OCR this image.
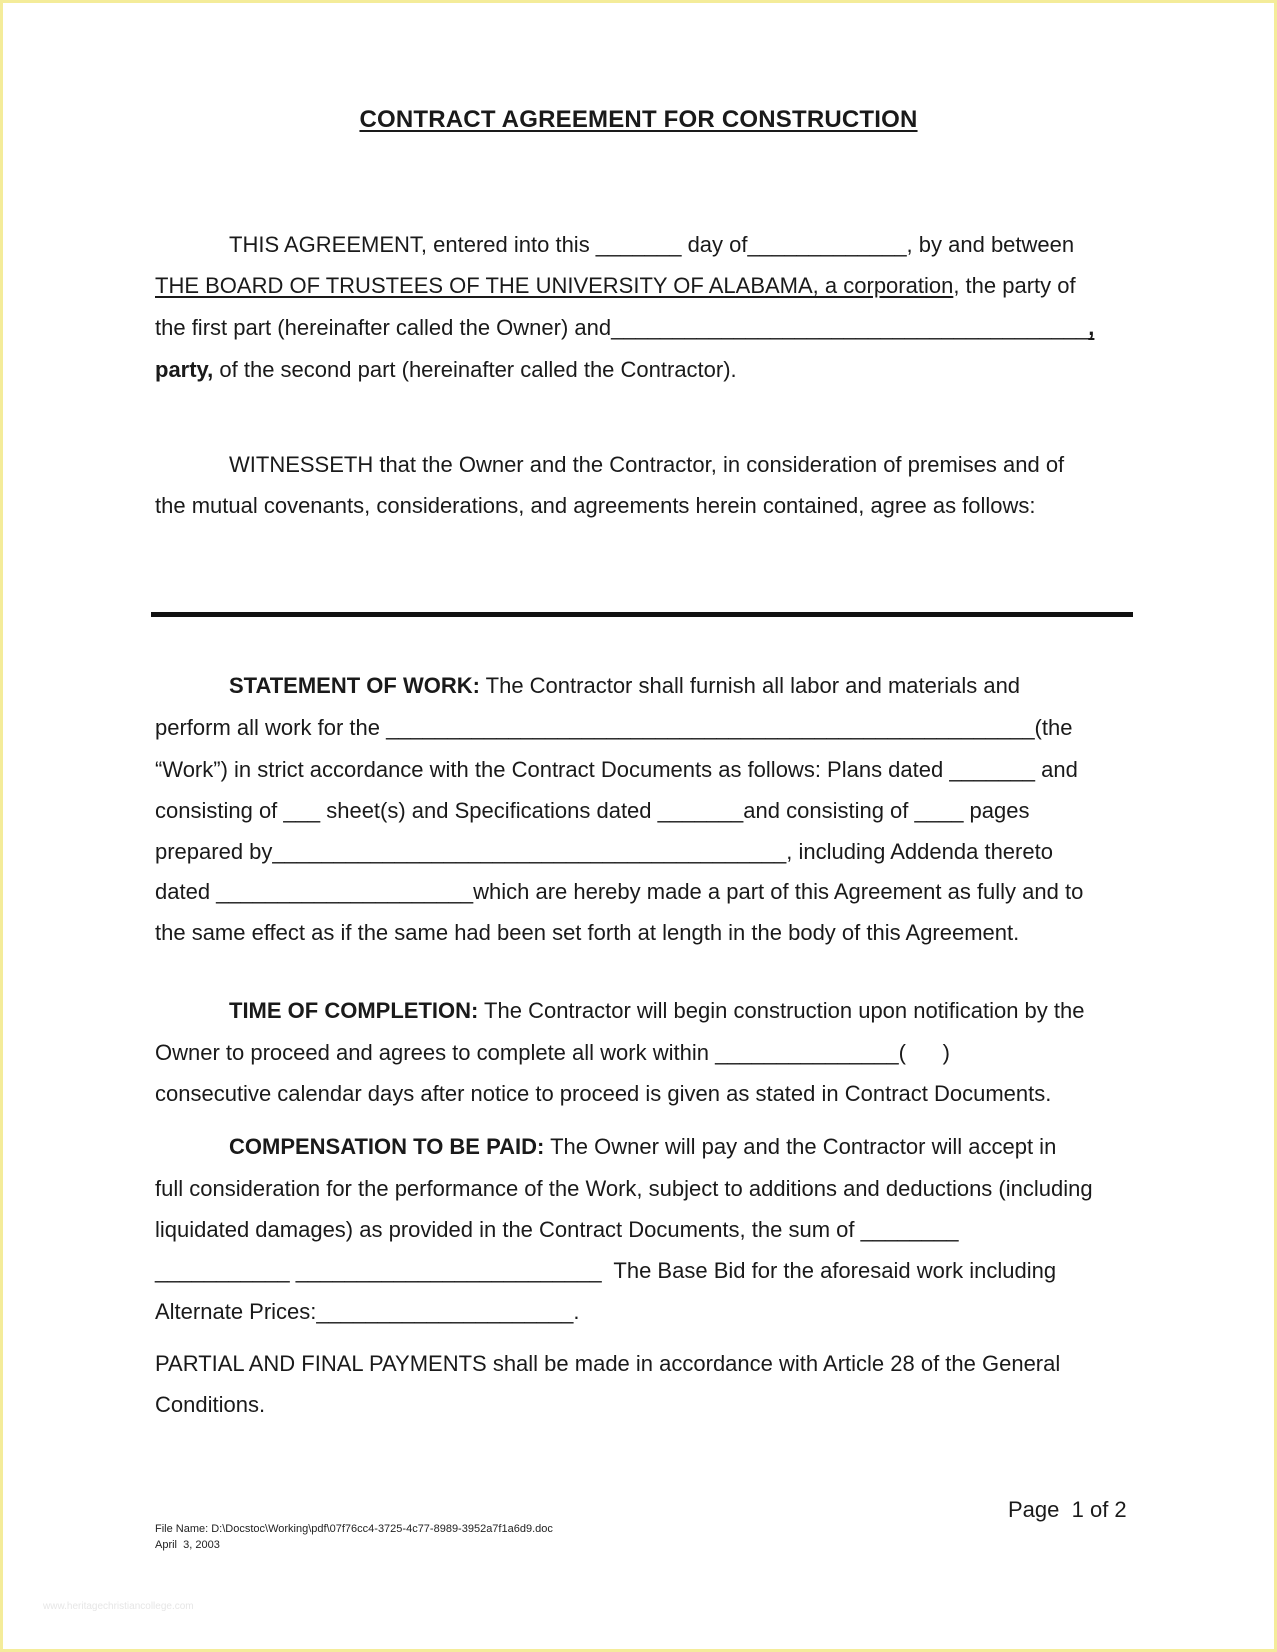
CONTRACT AGREEMENT FOR CONSTRUCTION
THIS AGREEMENT, entered into this _______ day of_____________, by and between
THE BOARD OF TRUSTEES OF THE UNIVERSITY OF ALABAMA, a corporation, the party of
the first part (hereinafter called the Owner) and_______________________________________,
party, of the second part (hereinafter called the Contractor).
WITNESSETH that the Owner and the Contractor, in consideration of premises and of
the mutual covenants, considerations, and agreements herein contained, agree as follows:
STATEMENT OF WORK: The Contractor shall furnish all labor and materials and
perform all work for the _____________________________________________________(the
“Work”) in strict accordance with the Contract Documents as follows: Plans dated _______ and
consisting of ___ sheet(s) and Specifications dated _______and consisting of ____ pages
prepared by__________________________________________, including Addenda thereto
dated _____________________which are hereby made a part of this Agreement as fully and to
the same effect as if the same had been set forth at length in the body of this Agreement.
TIME OF COMPLETION: The Contractor will begin construction upon notification by the
Owner to proceed and agrees to complete all work within _______________(      )
consecutive calendar days after notice to proceed is given as stated in Contract Documents.
COMPENSATION TO BE PAID: The Owner will pay and the Contractor will accept in
full consideration for the performance of the Work, subject to additions and deductions (including
liquidated damages) as provided in the Contract Documents, the sum of ________
___________ _________________________  The Base Bid for the aforesaid work including
Alternate Prices:_____________________.
PARTIAL AND FINAL PAYMENTS shall be made in accordance with Article 28 of the General
Conditions.
Page  1 of 2
File Name: D:\Docstoc\Working\pdf\07f76cc4-3725-4c77-8989-3952a7f1a6d9.doc
April  3, 2003
www.heritagechristiancollege.com
